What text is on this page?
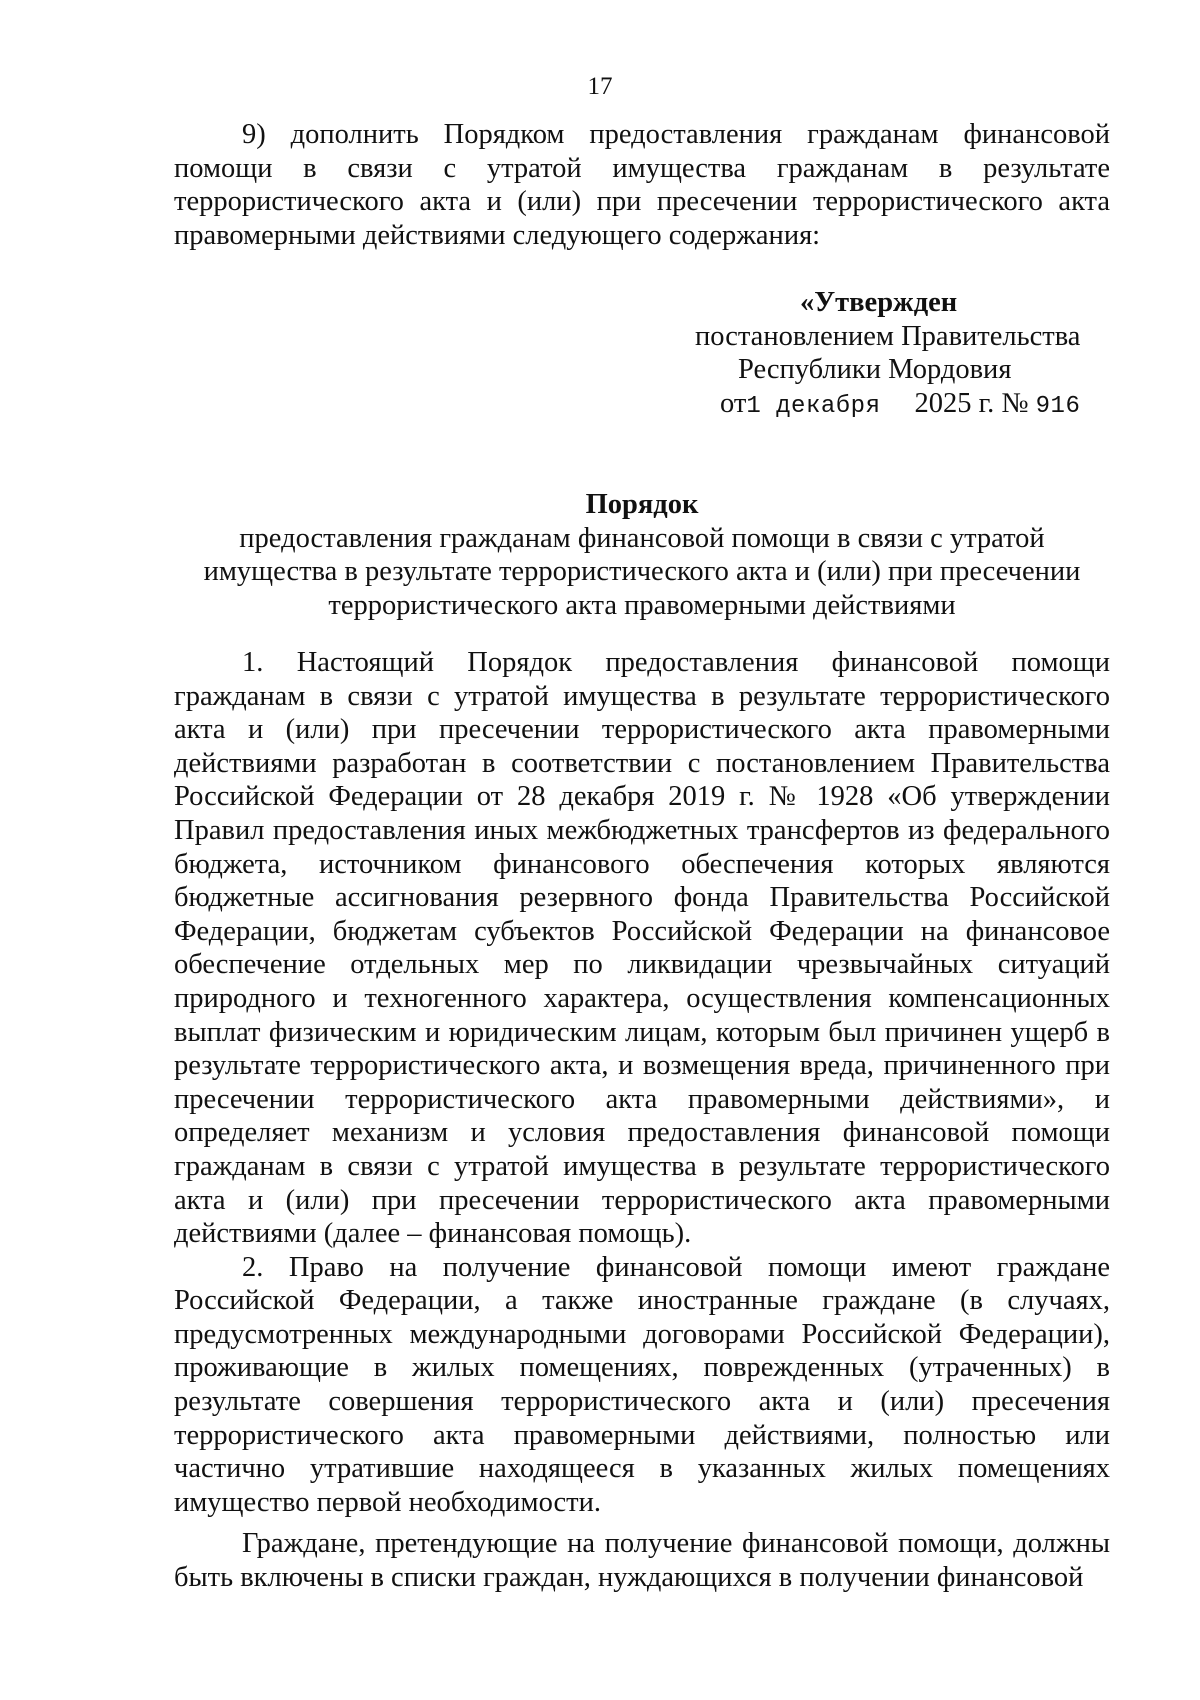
17

9) дополнить Порядком предоставления гражданам финансовой помощи в связи с утратой имущества гражданам в результате террористического акта и (или) при пресечении террористического акта правомерными действиями следующего содержания:

«Утвержден
постановлением Правительства
Республики Мордовия
от1 декабря 2025 г. № 916
Порядок
предоставления гражданам финансовой помощи в связи с утратой имущества в результате террористического акта и (или) при пресечении террористического акта правомерными действиями

1. Настоящий Порядок предоставления финансовой помощи гражданам в связи с утратой имущества в результате террористического акта и (или) при пресечении террористического акта правомерными действиями разработан в соответствии с постановлением Правительства Российской Федерации от 28 декабря 2019 г. № 1928 «Об утверждении Правил предоставления иных межбюджетных трансфертов из федерального бюджета, источником финансового обеспечения которых являются бюджетные ассигнования резервного фонда Правительства Российской Федерации, бюджетам субъектов Российской Федерации на финансовое обеспечение отдельных мер по ликвидации чрезвычайных ситуаций природного и техногенного характера, осуществления компенсационных выплат физическим и юридическим лицам, которым был причинен ущерб в результате террористического акта, и возмещения вреда, причиненного при пресечении террористического акта правомерными действиями», и определяет механизм и условия предоставления финансовой помощи гражданам в связи с утратой имущества в результате террористического акта и (или) при пресечении террористического акта правомерными действиями (далее – финансовая помощь).

2. Право на получение финансовой помощи имеют граждане Российской Федерации, а также иностранные граждане (в случаях, предусмотренных международными договорами Российской Федерации), проживающие в жилых помещениях, поврежденных (утраченных) в результате совершения террористического акта и (или) пресечения террористического акта правомерными действиями, полностью или частично утратившие находящееся в указанных жилых помещениях имущество первой необходимости.

Граждане, претендующие на получение финансовой помощи, должны быть включены в списки граждан, нуждающихся в получении финансовой
